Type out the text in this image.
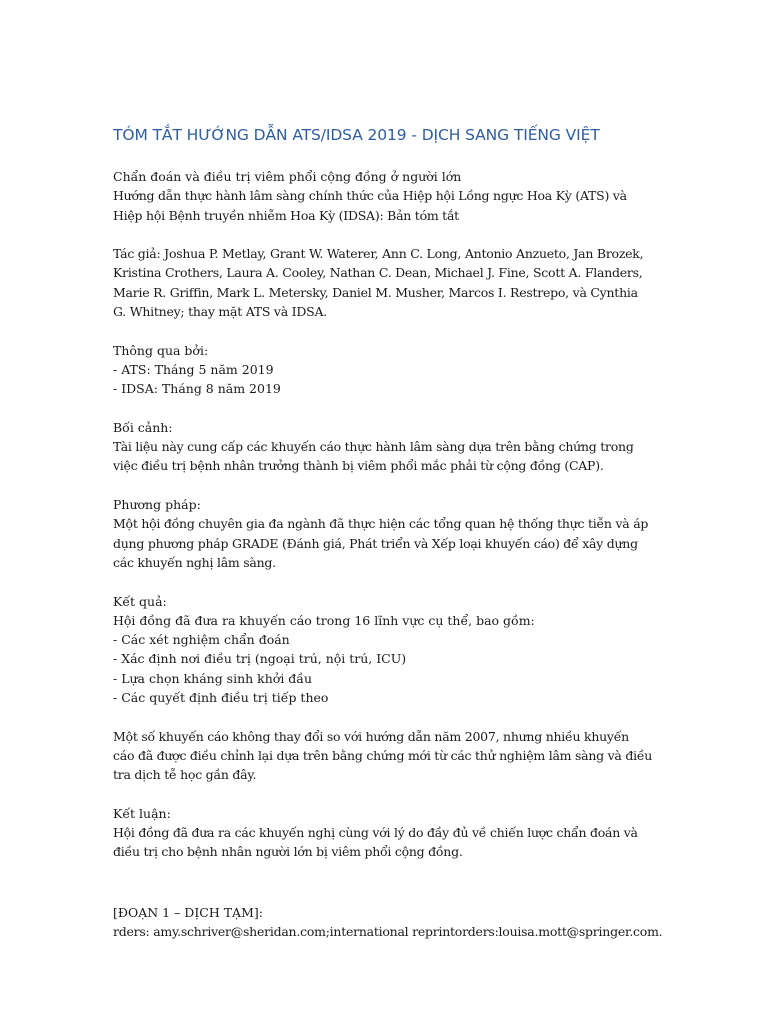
TÓM TẮT HƯỚNG DẪN ATS/IDSA 2019 - DỊCH SANG TIẾNG VIỆT
Chẩn đoán và điều trị viêm phổi cộng đồng ở người lớn
Hướng dẫn thực hành lâm sàng chính thức của Hiệp hội Lồng ngực Hoa Kỳ (ATS) và Hiệp hội Bệnh truyền nhiễm Hoa Kỳ (IDSA): Bản tóm tắt
Tác giả: Joshua P. Metlay, Grant W. Waterer, Ann C. Long, Antonio Anzueto, Jan Brozek, Kristina Crothers, Laura A. Cooley, Nathan C. Dean, Michael J. Fine, Scott A. Flanders, Marie R. Griffin, Mark L. Metersky, Daniel M. Musher, Marcos I. Restrepo, và Cynthia G. Whitney; thay mặt ATS và IDSA.
Thông qua bởi:
- ATS: Tháng 5 năm 2019
- IDSA: Tháng 8 năm 2019
Bối cảnh:
Tài liệu này cung cấp các khuyến cáo thực hành lâm sàng dựa trên bằng chứng trong việc điều trị bệnh nhân trưởng thành bị viêm phổi mắc phải từ cộng đồng (CAP).
Phương pháp:
Một hội đồng chuyên gia đa ngành đã thực hiện các tổng quan hệ thống thực tiễn và áp dụng phương pháp GRADE (Đánh giá, Phát triển và Xếp loại khuyến cáo) để xây dựng các khuyến nghị lâm sàng.
Kết quả:
Hội đồng đã đưa ra khuyến cáo trong 16 lĩnh vực cụ thể, bao gồm:
- Các xét nghiệm chẩn đoán
- Xác định nơi điều trị (ngoại trú, nội trú, ICU)
- Lựa chọn kháng sinh khởi đầu
- Các quyết định điều trị tiếp theo
Một số khuyến cáo không thay đổi so với hướng dẫn năm 2007, nhưng nhiều khuyến cáo đã được điều chỉnh lại dựa trên bằng chứng mới từ các thử nghiệm lâm sàng và điều tra dịch tễ học gần đây.
Kết luận:
Hội đồng đã đưa ra các khuyến nghị cùng với lý do đầy đủ về chiến lược chẩn đoán và điều trị cho bệnh nhân người lớn bị viêm phổi cộng đồng.
[ĐOẠN 1 – DỊCH TẠM]:
rders: amy.schriver@sheridan.com;international reprintorders:louisa.mott@springer.com.
